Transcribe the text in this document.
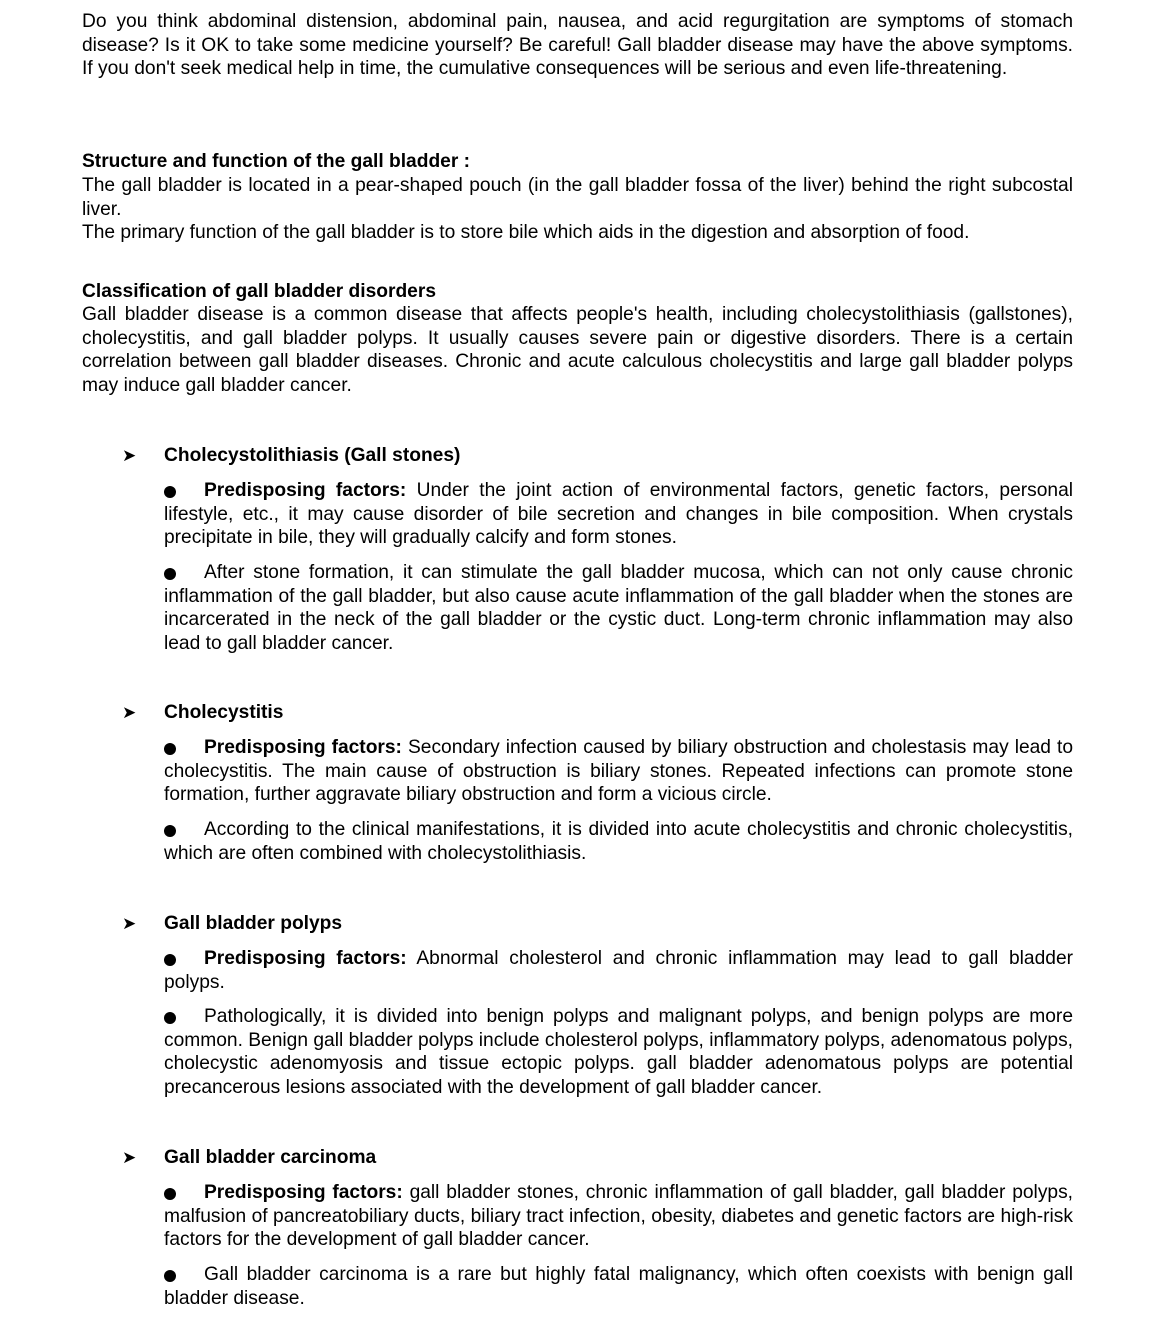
Do you think abdominal distension, abdominal pain, nausea, and acid regurgitation are symptoms of stomach disease? Is it OK to take some medicine yourself? Be careful! Gall bladder disease may have the above symptoms. If you don't seek medical help in time, the cumulative consequences will be serious and even life-threatening.

Structure and function of the gall bladder :

The gall bladder is located in a pear-shaped pouch (in the gall bladder fossa of the liver) behind the right subcostal liver.

The primary function of the gall bladder is to store bile which aids in the digestion and absorption of food.

Classification of gall bladder disorders

Gall bladder disease is a common disease that affects people's health, including cholecystolithiasis (gallstones), cholecystitis, and gall bladder polyps. It usually causes severe pain or digestive disorders. There is a certain correlation between gall bladder diseases. Chronic and acute calculous cholecystitis and large gall bladder polyps may induce gall bladder cancer.

➤ Cholecystolithiasis (Gall stones)

Predisposing factors: Under the joint action of environmental factors, genetic factors, personal lifestyle, etc., it may cause disorder of bile secretion and changes in bile composition. When crystals precipitate in bile, they will gradually calcify and form stones.

After stone formation, it can stimulate the gall bladder mucosa, which can not only cause chronic inflammation of the gall bladder, but also cause acute inflammation of the gall bladder when the stones are incarcerated in the neck of the gall bladder or the cystic duct. Long-term chronic inflammation may also lead to gall bladder cancer.

➤ Cholecystitis

Predisposing factors: Secondary infection caused by biliary obstruction and cholestasis may lead to cholecystitis. The main cause of obstruction is biliary stones. Repeated infections can promote stone formation, further aggravate biliary obstruction and form a vicious circle.

According to the clinical manifestations, it is divided into acute cholecystitis and chronic cholecystitis, which are often combined with cholecystolithiasis.

➤ Gall bladder polyps

Predisposing factors: Abnormal cholesterol and chronic inflammation may lead to gall bladder polyps.

Pathologically, it is divided into benign polyps and malignant polyps, and benign polyps are more common. Benign gall bladder polyps include cholesterol polyps, inflammatory polyps, adenomatous polyps, cholecystic adenomyosis and tissue ectopic polyps. gall bladder adenomatous polyps are potential precancerous lesions associated with the development of gall bladder cancer.

➤ Gall bladder carcinoma

Predisposing factors: gall bladder stones, chronic inflammation of gall bladder, gall bladder polyps, malfusion of pancreatobiliary ducts, biliary tract infection, obesity, diabetes and genetic factors are high-risk factors for the development of gall bladder cancer.

Gall bladder carcinoma is a rare but highly fatal malignancy, which often coexists with benign gall bladder disease.
